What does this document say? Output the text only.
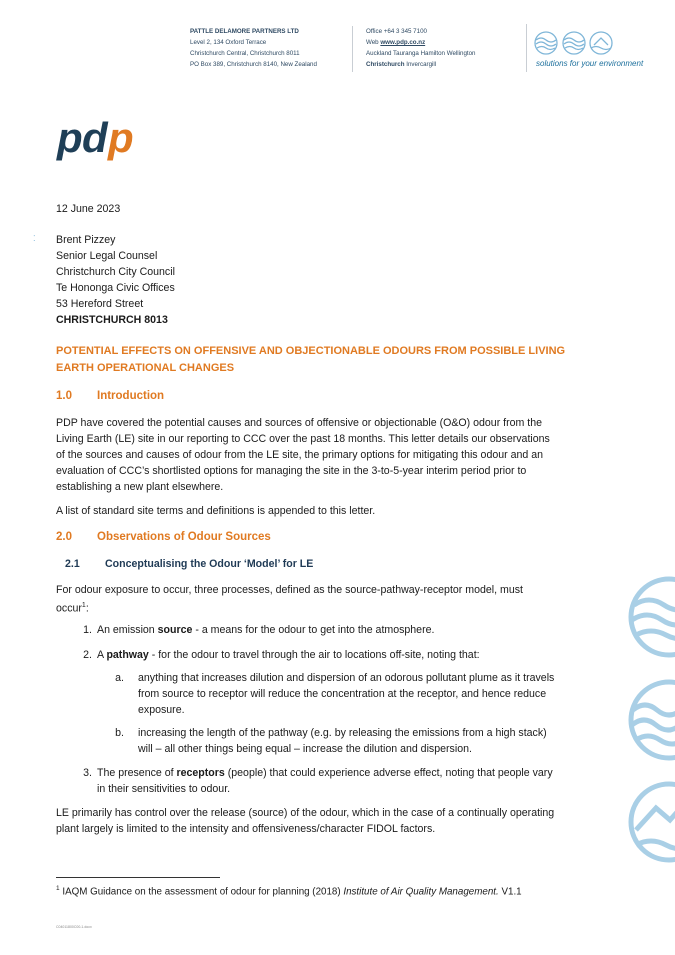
PATTLE DELAMORE PARTNERS LTD
Level 2, 134 Oxford Terrace
Christchurch Central, Christchurch 8011
PO Box 389, Christchurch 8140, New Zealand
Office +64 3 345 7100
Web www.pdp.co.nz
Auckland Tauranga Hamilton Wellington
Christchurch Invercargill	solutions for your environment
p d p
12 June 2023
⁚ Brent Pizzey
Senior Legal Counsel
Christchurch City Council
Te Hononga Civic Offices
53 Hereford Street
CHRISTCHURCH 8013
POTENTIAL EFFECTS ON OFFENSIVE AND OBJECTIONABLE ODOURS FROM POSSIBLE LIVING
EARTH OPERATIONAL CHANGES
1.0 Introduction
PDP have covered the potential causes and sources of offensive or objectionable (O&O) odour from the
Living Earth (LE) site in our reporting to CCC over the past 18 months. This letter details our observations
of the sources and causes of odour from the LE site, the primary options for mitigating this odour and an
evaluation of CCC’s shortlisted options for managing the site in the 3-to-5-year interim period prior to
establishing a new plant elsewhere.
A list of standard site terms and definitions is appended to this letter.
2.0 Observations of Odour Sources
2.1 Conceptualising the Odour ‘Model’ for LE
For odour exposure to occur, three processes, defined as the source-pathway-receptor model, must
occur$^1$:
1. An emission source - a means for the odour to get into the atmosphere.
2. A pathway - for the odour to travel through the air to locations off-site, noting that:
a. anything that increases dilution and dispersion of an odorous pollutant plume as it travels
from source to receptor will reduce the concentration at the receptor, and hence reduce
exposure.
b. increasing the length of the pathway (e.g. by releasing the emissions from a high stack)
will – all other things being equal – increase the dilution and dispersion.
3. The presence of receptors (people) that could experience adverse effect, noting that people vary
in their sensitivities to odour.
LE primarily has control over the release (source) of the odour, which in the case of a continually operating
plant largely is limited to the intensity and offensiveness/character FIDOL factors.
$^1$ IAQM Guidance on the assessment of odour for planning (2018) Institute of Air Quality Management. V1.1
C04011800C00-1.docx
